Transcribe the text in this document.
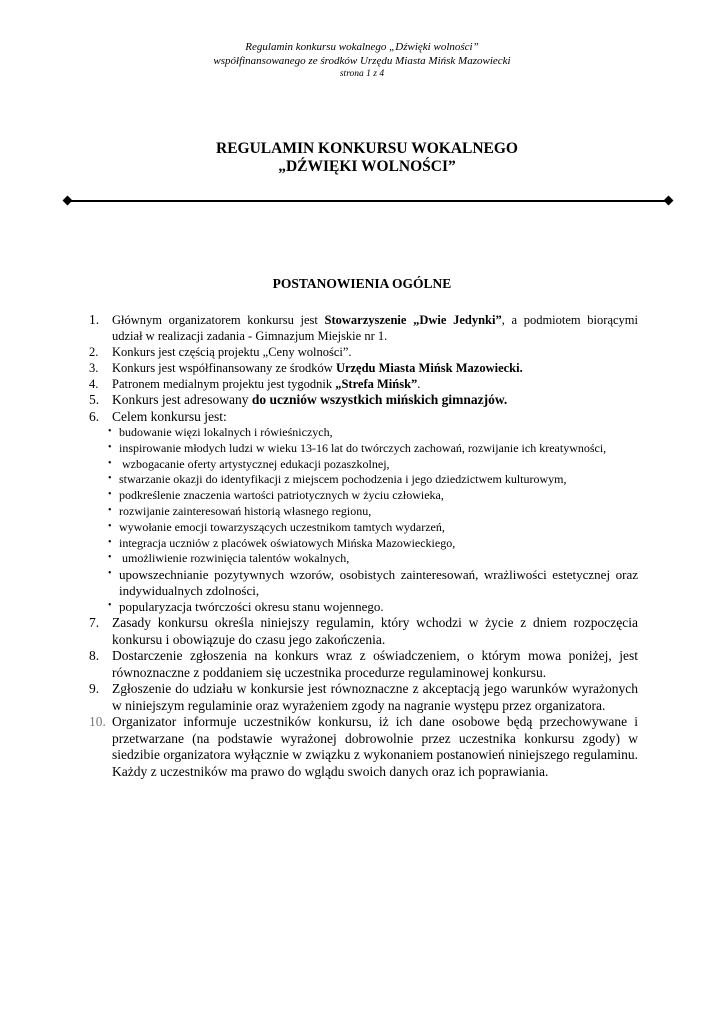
Regulamin konkursu wokalnego „Dźwięki wolności”
współfinansowanego ze środków Urzędu Miasta Mińsk Mazowiecki
strona 1 z 4
REGULAMIN KONKURSU WOKALNEGO
„DŹWIĘKI WOLNOŚCI”
POSTANOWIENIA OGÓLNE
1. Głównym organizatorem konkursu jest Stowarzyszenie „Dwie Jedynki”, a podmiotem biorącymi udział w realizacji zadania - Gimnazjum Miejskie nr 1.
2. Konkurs jest częścią projektu „Ceny wolności”.
3. Konkurs jest współfinansowany ze środków Urzędu Miasta Mińsk Mazowiecki.
4. Patronem medialnym projektu jest tygodnik „Strefa Mińsk”.
5. Konkurs jest adresowany do uczniów wszystkich mińskich gimnazjów.
6. Celem konkursu jest:
• budowanie więzi lokalnych i rówieśniczych,
• inspirowanie młodych ludzi w wieku 13-16 lat do twórczych zachowań, rozwijanie ich kreatywności,
• wzbogacanie oferty artystycznej edukacji pozaszkolnej,
• stwarzanie okazji do identyfikacji z miejscem pochodzenia i jego dziedzictwem kulturowym,
• podkreślenie znaczenia wartości patriotycznych w życiu człowieka,
• rozwijanie zainteresowań historią własnego regionu,
• wywołanie emocji towarzyszących uczestnikom tamtych wydarzeń,
• integracja uczniów z placówek oświatowych Mińska Mazowieckiego,
• umożliwienie rozwinięcia talentów wokalnych,
• upowszechnianie pozytywnych wzorów, osobistych zainteresowań, wrażliwości estetycznej oraz indywidualnych zdolności,
• popularyzacja twórczości okresu stanu wojennego.
7. Zasady konkursu określa niniejszy regulamin, który wchodzi w życie z dniem rozpoczęcia konkursu i obowiązuje do czasu jego zakończenia.
8. Dostarczenie zgłoszenia na konkurs wraz z oświadczeniem, o którym mowa poniżej, jest równoznaczne z poddaniem się uczestnika procedurze regulaminowej konkursu.
9. Zgłoszenie do udziału w konkursie jest równoznaczne z akceptacją jego warunków wyrażonych w niniejszym regulaminie oraz wyrażeniem zgody na nagranie występu przez organizatora.
10. Organizator informuje uczestników konkursu, iż ich dane osobowe będą przechowywane i przetwarzane (na podstawie wyrażonej dobrowolnie przez uczestnika konkursu zgody) w siedzibie organizatora wyłącznie w związku z wykonaniem postanowień niniejszego regulaminu. Każdy z uczestników ma prawo do wglądu swoich danych oraz ich poprawiania.
